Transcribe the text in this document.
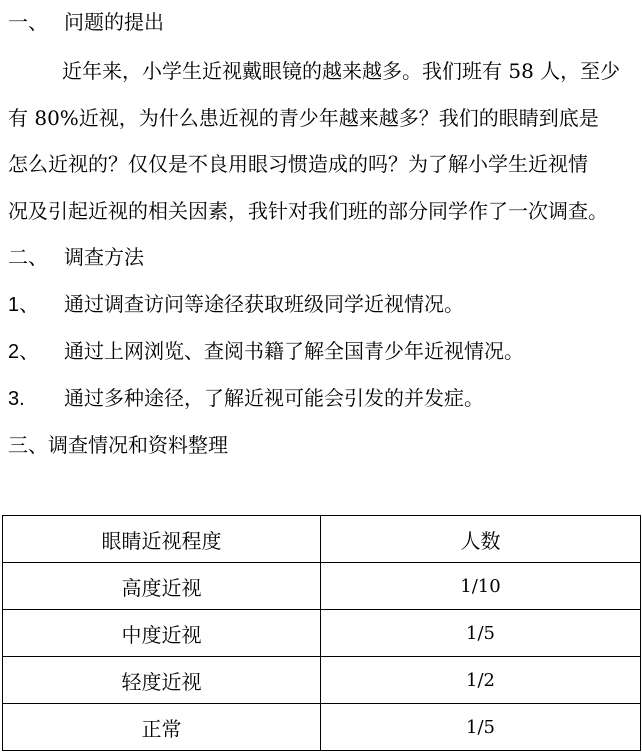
一、 问题的提出
近年来，小学生近视戴眼镜的越来越多。我们班有 58 人，至少
有 80%近视，为什么患近视的青少年越来越多？我们的眼睛到底是
怎么近视的？仅仅是不良用眼习惯造成的吗？为了解小学生近视情
况及引起近视的相关因素，我针对我们班的部分同学作了一次调查。
二、 调查方法
1、 通过调查访问等途径获取班级同学近视情况。
2、 通过上网浏览、查阅书籍了解全国青少年近视情况。
3. 通过多种途径，了解近视可能会引发的并发症。
三、调查情况和资料整理
眼睛近视程度	人数
高度近视	1/10
中度近视	1/5
轻度近视	1/2
正常	1/5
